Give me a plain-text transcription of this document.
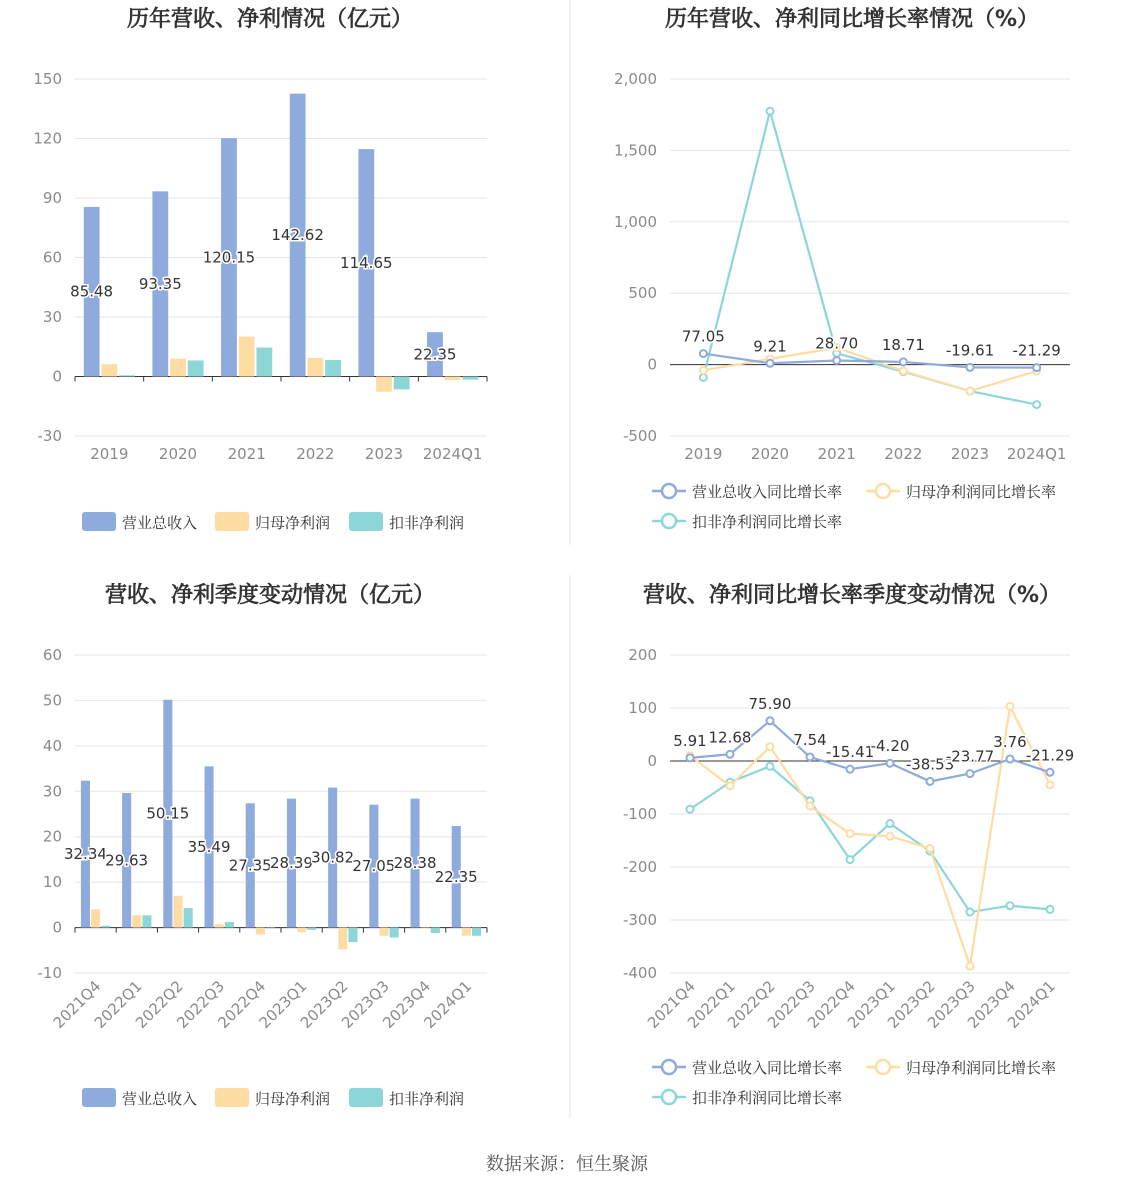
历年营收、净利情况（亿元）
150
120
90
60
30
0
-30
2019 2020 2021 2022 2023 2024Q1
85.48 93.35
120.15
142.62
114.65
22.35
营业总收入	归母净利润	扣非净利润
历年营收、净利同比增长率情况（%）
2,000
1,500
1,000
500
0
-500
2019 2020 2021 2022 2023 2024Q1
77.05
9.21 28.70 18.71 -19.61 -21.29
营业总收入同比增长率	归母净利润同比增长率
扣非净利润同比增长率
营收、净利季度变动情况（亿元）
60
50
40
30
20
10
0
-10
2021Q4
2022Q1
2022Q2
2022Q3
2022Q4
2023Q1
2023Q2
2023Q3
2023Q4
2024Q1
32.34
29.63
50.15
35.49
27.35
28.39
30.82
27.05
28.38
22.35
营业总收入	归母净利润	扣非净利润
营收、净利同比增长率季度变动情况（%）
200
100
0
-100
-200
-300
-400
2021Q4
2022Q1
2022Q2
2022Q3
2022Q4
2023Q1
2023Q2
2023Q3
2023Q4
2024Q1
5.91 12.68
75.90
7.54
-15.41
-4.20
-38.53
-23.77
3.76
-21.29
营业总收入同比增长率	归母净利润同比增长率
扣非净利润同比增长率
数据来源：恒生聚源
